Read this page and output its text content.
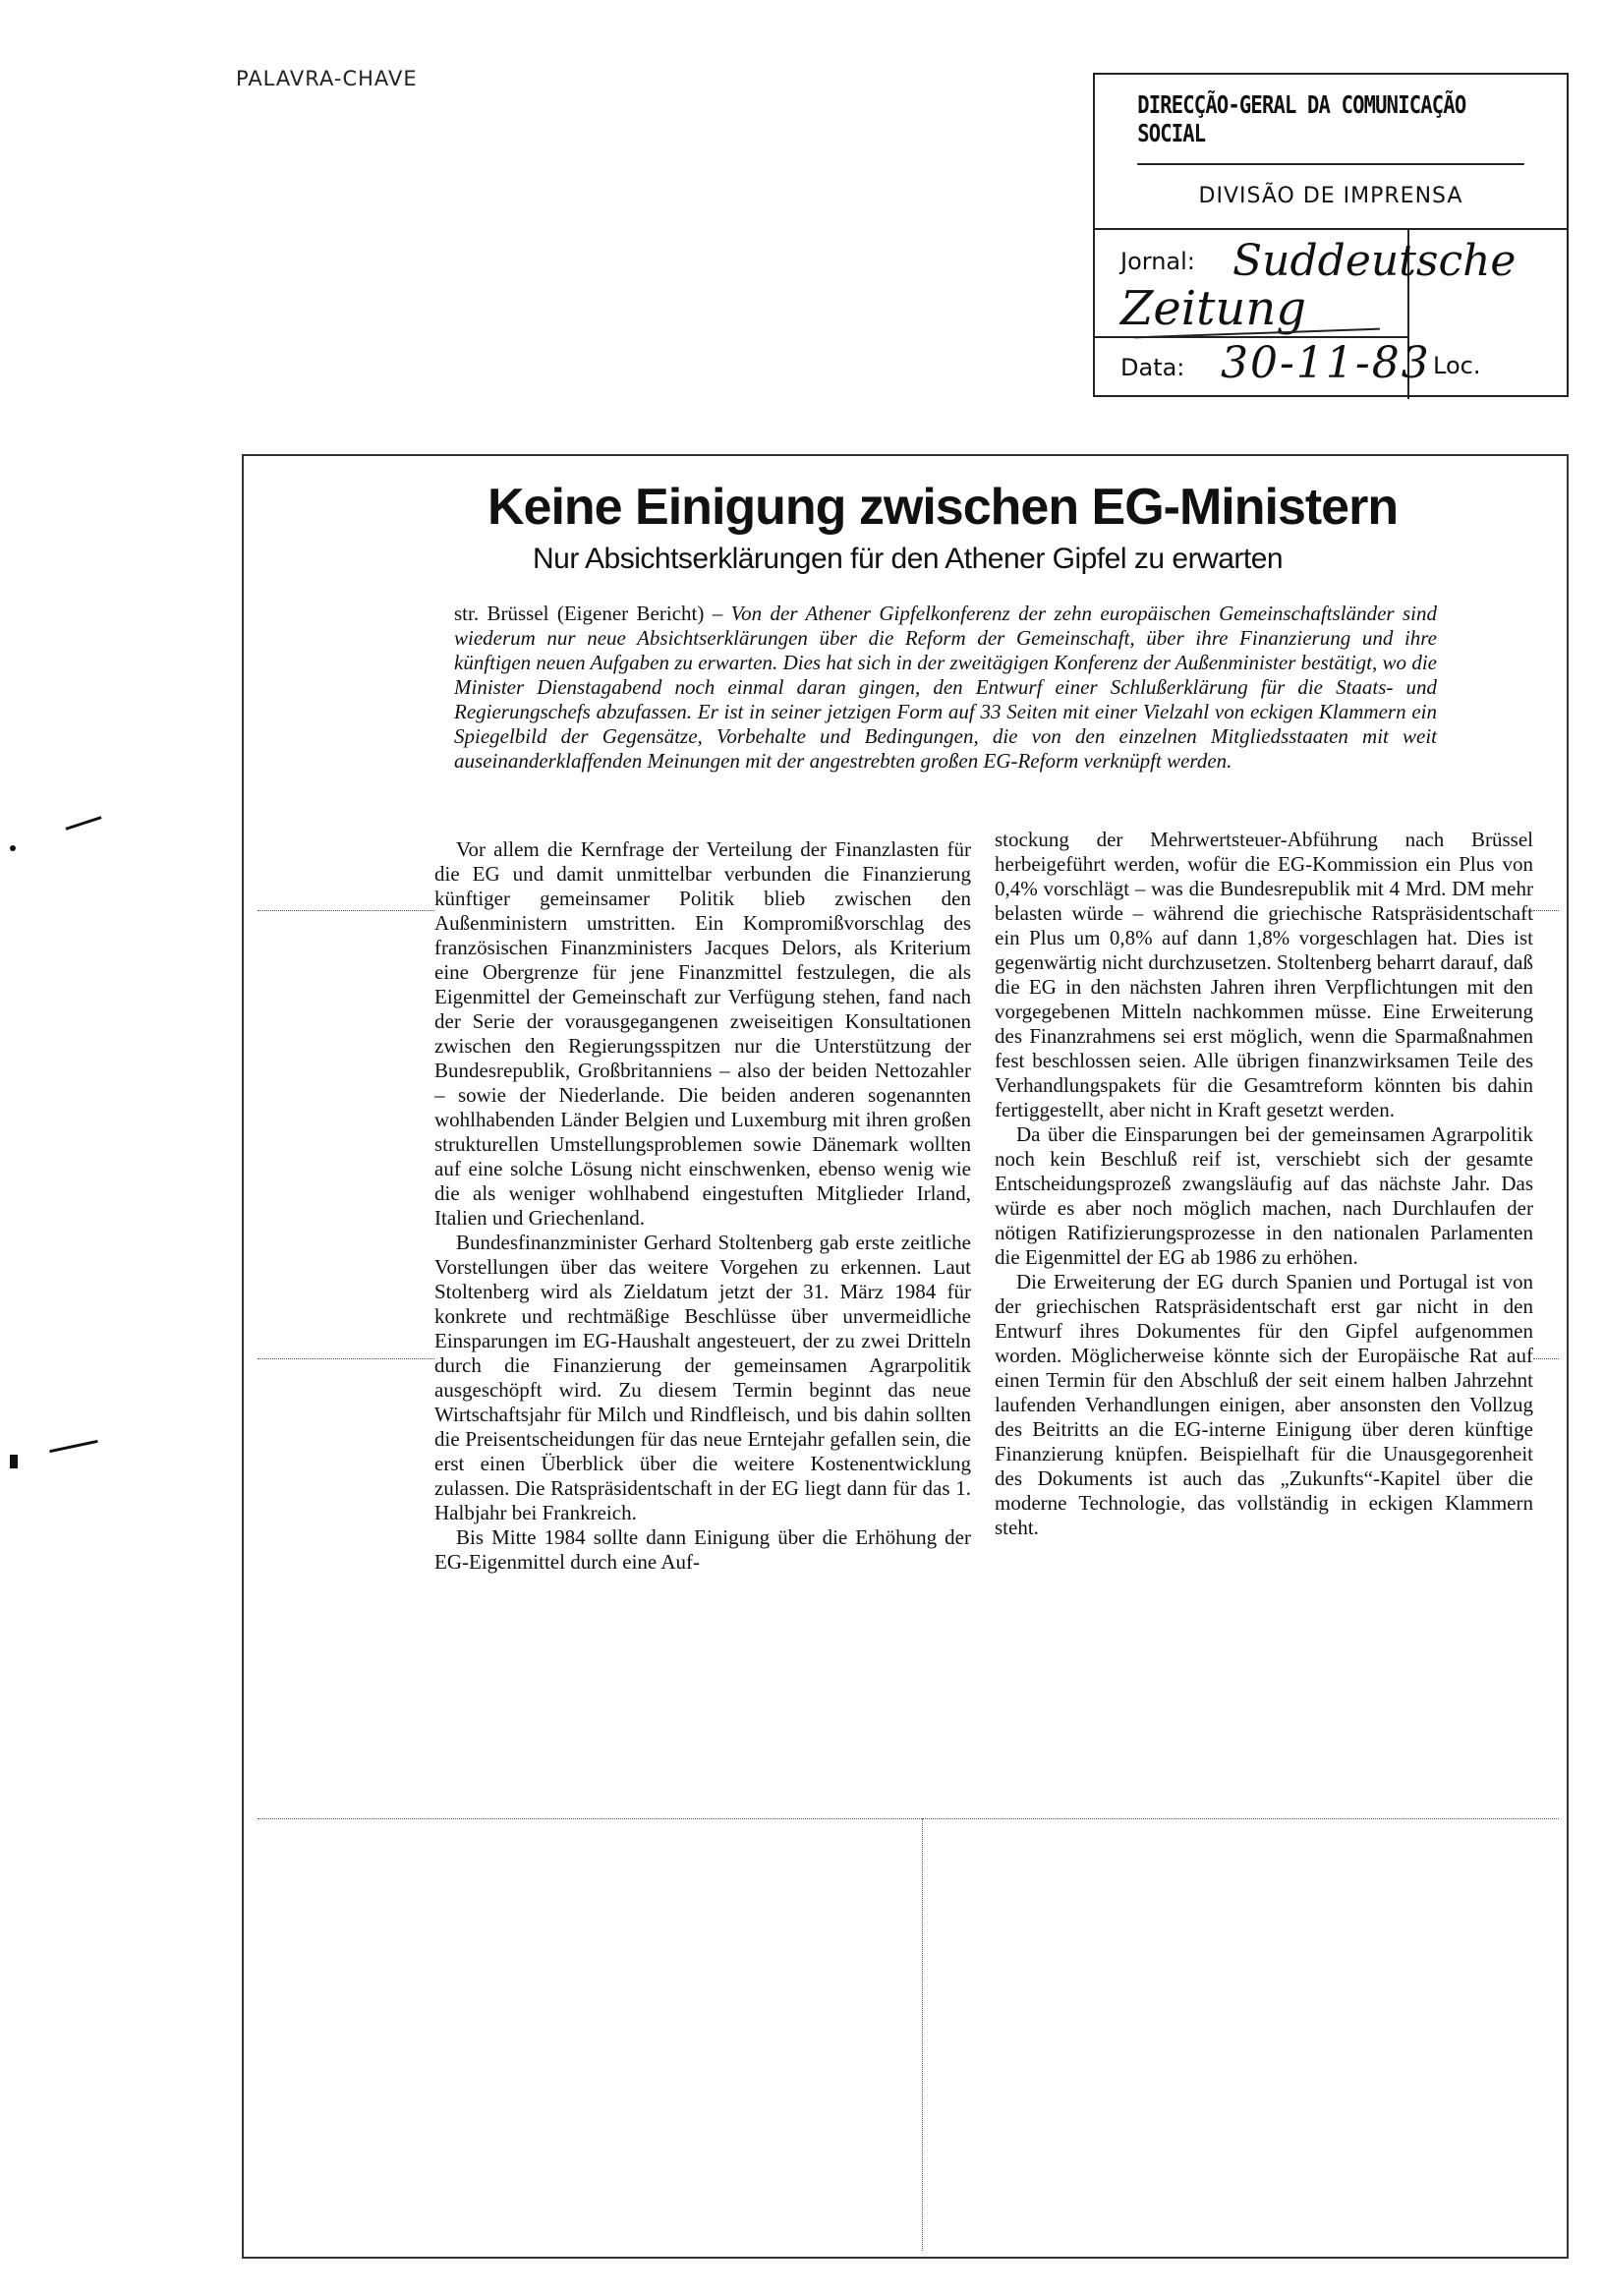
PALAVRA-CHAVE
DIRECÇÃO-GERAL DA COMUNICAÇÃO SOCIAL
DIVISÃO DE IMPRENSA
Jornal: Suddeutsche
Zeitung
Data: 30-11-83 Loc.
Keine Einigung zwischen EG-Ministern
Nur Absichtserklärungen für den Athener Gipfel zu erwarten
str. Brüssel (Eigener Bericht) – Von der Athener Gipfelkonferenz der zehn europäischen Gemeinschaftsländer sind wiederum nur neue Absichtserklärungen über die Reform der Gemeinschaft, über ihre Finanzierung und ihre künftigen neuen Aufgaben zu erwarten. Dies hat sich in der zweitägigen Konferenz der Außenminister bestätigt, wo die Minister Dienstagabend noch einmal daran gingen, den Entwurf einer Schlußerklärung für die Staats- und Regierungschefs abzufassen. Er ist in seiner jetzigen Form auf 33 Seiten mit einer Vielzahl von eckigen Klammern ein Spiegelbild der Gegensätze, Vorbehalte und Bedingungen, die von den einzelnen Mitgliedsstaaten mit weit auseinanderklaffenden Meinungen mit der angestrebten großen EG-Reform verknüpft werden.

Vor allem die Kernfrage der Verteilung der Finanzlasten für die EG und damit unmittelbar verbunden die Finanzierung künftiger gemeinsamer Politik blieb zwischen den Außenministern umstritten. Ein Kompromißvorschlag des französischen Finanzministers Jacques Delors, als Kriterium eine Obergrenze für jene Finanzmittel festzulegen, die als Eigenmittel der Gemeinschaft zur Verfügung stehen, fand nach der Serie der vorausgegangenen zweiseitigen Konsultationen zwischen den Regierungsspitzen nur die Unterstützung der Bundesrepublik, Großbritanniens – also der beiden Nettozahler – sowie der Niederlande. Die beiden anderen sogenannten wohlhabenden Länder Belgien und Luxemburg mit ihren großen strukturellen Umstellungsproblemen sowie Dänemark wollten auf eine solche Lösung nicht einschwenken, ebenso wenig wie die als weniger wohlhabend eingestuften Mitglieder Irland, Italien und Griechenland.

Bundesfinanzminister Gerhard Stoltenberg gab erste zeitliche Vorstellungen über das weitere Vorgehen zu erkennen. Laut Stoltenberg wird als Zieldatum jetzt der 31. März 1984 für konkrete und rechtmäßige Beschlüsse über unvermeidliche Einsparungen im EG-Haushalt angesteuert, der zu zwei Dritteln durch die Finanzierung der gemeinsamen Agrarpolitik ausgeschöpft wird. Zu diesem Termin beginnt das neue Wirtschaftsjahr für Milch und Rindfleisch, und bis dahin sollten die Preisentscheidungen für das neue Erntejahr gefallen sein, die erst einen Überblick über die weitere Kostenentwicklung zulassen. Die Ratspräsidentschaft in der EG liegt dann für das 1. Halbjahr bei Frankreich.

Bis Mitte 1984 sollte dann Einigung über die Erhöhung der EG-Eigenmittel durch eine Auf-

stockung der Mehrwertsteuer-Abführung nach Brüssel herbeigeführt werden, wofür die EG-Kommission ein Plus von 0,4% vorschlägt – was die Bundesrepublik mit 4 Mrd. DM mehr belasten würde – während die griechische Ratspräsidentschaft ein Plus um 0,8% auf dann 1,8% vorgeschlagen hat. Dies ist gegenwärtig nicht durchzusetzen. Stoltenberg beharrt darauf, daß die EG in den nächsten Jahren ihren Verpflichtungen mit den vorgegebenen Mitteln nachkommen müsse. Eine Erweiterung des Finanzrahmens sei erst möglich, wenn die Sparmaßnahmen fest beschlossen seien. Alle übrigen finanzwirksamen Teile des Verhandlungspakets für die Gesamtreform könnten bis dahin fertiggestellt, aber nicht in Kraft gesetzt werden.

Da über die Einsparungen bei der gemeinsamen Agrarpolitik noch kein Beschluß reif ist, verschiebt sich der gesamte Entscheidungsprozeß zwangsläufig auf das nächste Jahr. Das würde es aber noch möglich machen, nach Durchlaufen der nötigen Ratifizierungsprozesse in den nationalen Parlamenten die Eigenmittel der EG ab 1986 zu erhöhen.

Die Erweiterung der EG durch Spanien und Portugal ist von der griechischen Ratspräsidentschaft erst gar nicht in den Entwurf ihres Dokumentes für den Gipfel aufgenommen worden. Möglicherweise könnte sich der Europäische Rat auf einen Termin für den Abschluß der seit einem halben Jahrzehnt laufenden Verhandlungen einigen, aber ansonsten den Vollzug des Beitritts an die EG-interne Einigung über deren künftige Finanzierung knüpfen. Beispielhaft für die Unausgegorenheit des Dokuments ist auch das „Zukunfts“-Kapitel über die moderne Technologie, das vollständig in eckigen Klammern steht.
